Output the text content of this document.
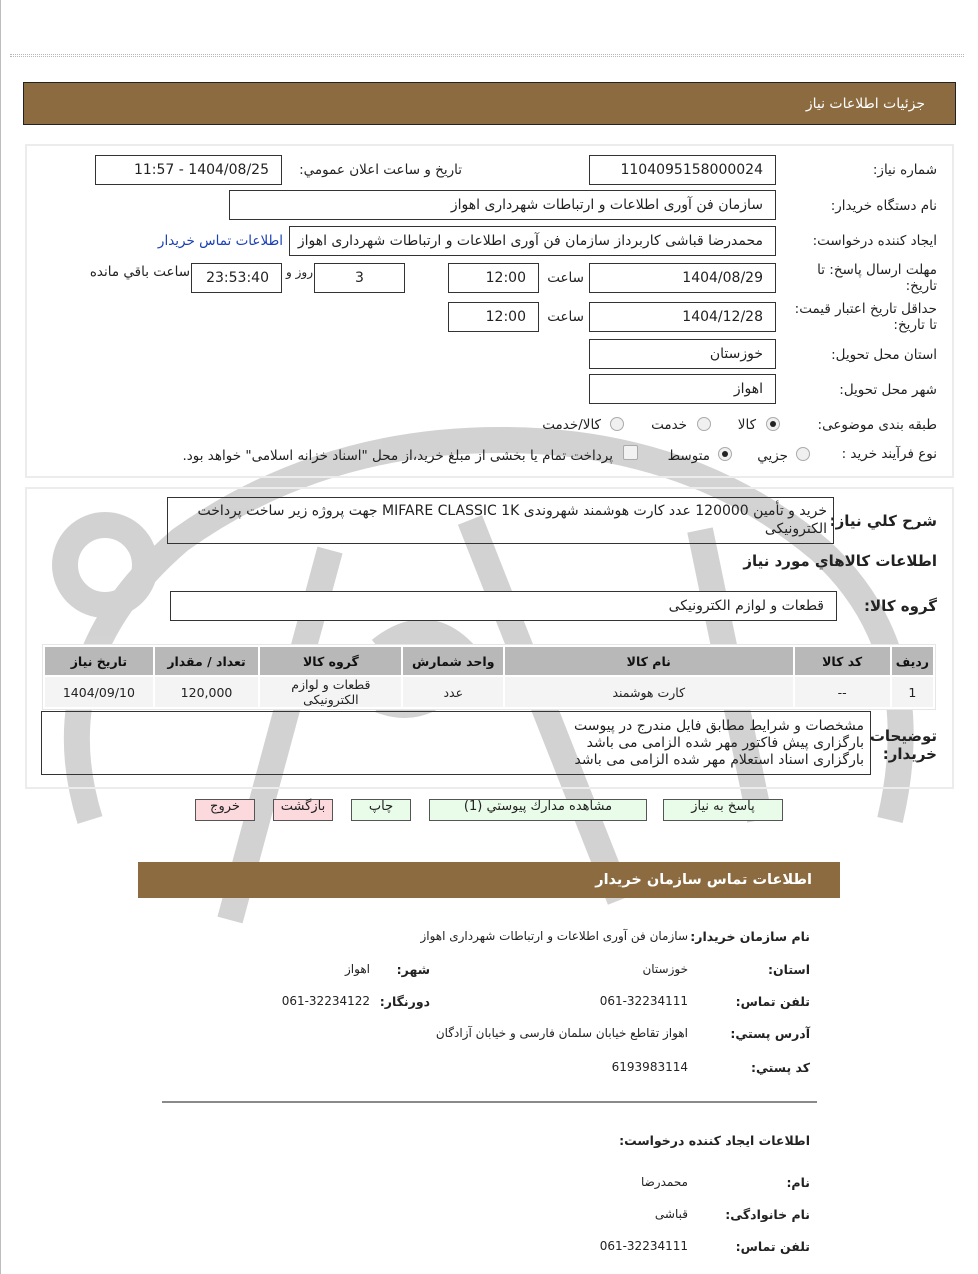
جزئیات اطلاعات نیاز
شماره نیاز:
1104095158000024
تاریخ و ساعت اعلان عمومي:
1404/08/25 - 11:57
نام دستگاه خریدار:
سازمان فن آوری اطلاعات و ارتباطات شهرداری اهواز
ایجاد کننده درخواست:
محمدرضا قباشی کاربرداز سازمان فن آوری اطلاعات و ارتباطات شهرداری اهواز
اطلاعات تماس خریدار
مهلت ارسال پاسخ: تا تاریخ:
1404/08/29
ساعت
12:00
3
روز و
23:53:40
ساعت باقي مانده
حداقل تاریخ اعتبار قیمت: تا تاریخ:
1404/12/28
ساعت
12:00
استان محل تحویل:
خوزستان
شهر محل تحویل:
اهواز
طبقه بندی موضوعی:
کالا
خدمت
کالا/خدمت
نوع فرآیند خرید :
جزيي
متوسط
پرداخت تمام یا بخشی از مبلغ خرید،از محل "اسناد خزانه اسلامی" خواهد بود.
شرح كلي نياز:
خرید و تأمین 120000 عدد کارت هوشمند شهروندی MIFARE CLASSIC 1K جهت پروژه زیر ساخت پرداخت الکترونیکی
اطلاعات كالاهاي مورد نياز
گروه کالا:
قطعات و لوازم الکترونیکی
رديف	كد كالا	نام كالا	واحد شمارش	گروه كالا	تعداد / مقدار	تاريخ نياز
1	--	کارت هوشمند	عدد	قطعات و لوازم الکترونیکی	120,000	1404/09/10
توضیحات
خریدار:
مشخصات و شرایط مطابق فایل مندرج در پیوست
بارگزاری پیش فاکتور مهر شده الزامی می باشد
بارگزاری اسناد استعلام مهر شده الزامی می باشد
پاسخ به نیاز
مشاهده مدارك پيوستي (1)
چاپ
بازگشت
خروج
اطلاعات تماس سازمان خریدار
نام سازمان خریدار:
سازمان فن آوری اطلاعات و ارتباطات شهرداری اهواز
استان:
خوزستان
شهر:
اهواز
تلفن تماس:
061-32234111
دورنگار:
061-32234122
آدرس پستي:
اهواز تقاطع خیابان سلمان فارسی و خیابان آزادگان
کد پستي:
6193983114
اطلاعات ایجاد کننده درخواست:
نام:
محمدرضا
نام خانوادگی:
قباشی
تلفن تماس:
061-32234111
